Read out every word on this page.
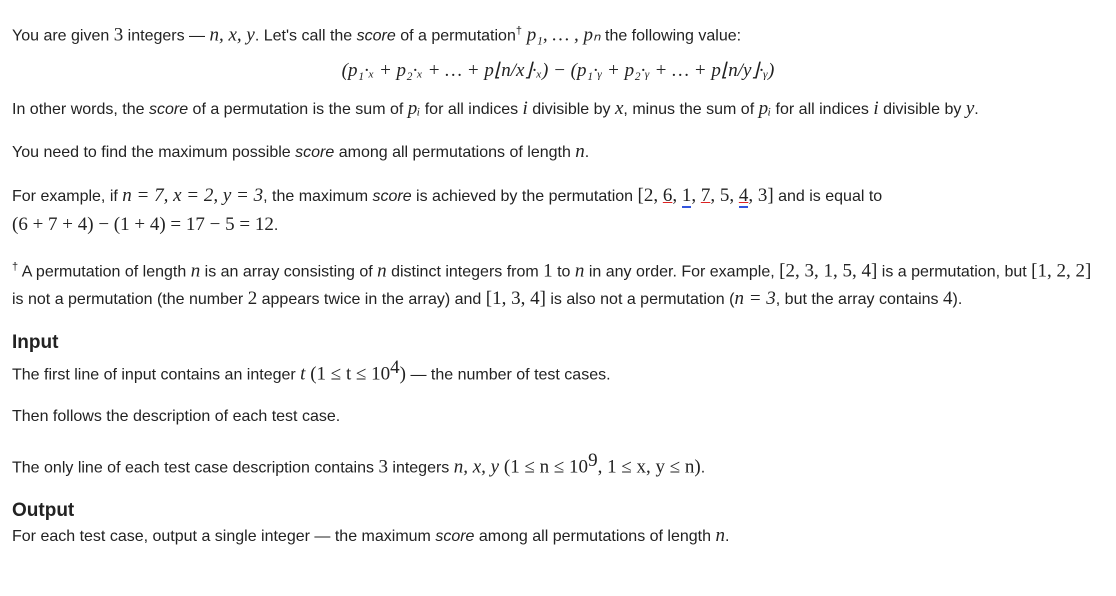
You are given 3 integers — n, x, y. Let's call the score of a permutation† p₁, … , pₙ the following value:

(p₁·ₓ + p₂·ₓ + … + p⌊n/x⌋·ₓ) − (p₁·ᵧ + p₂·ᵧ + … + p⌊n/y⌋·ᵧ)

In other words, the score of a permutation is the sum of pᵢ for all indices i divisible by x, minus the sum of pᵢ for all indices i divisible by y.

You need to find the maximum possible score among all permutations of length n.

For example, if n = 7, x = 2, y = 3, the maximum score is achieved by the permutation [2, 6, 1, 7, 5, 4, 3] and is equal to
(6 + 7 + 4) − (1 + 4) = 17 − 5 = 12.

† A permutation of length n is an array consisting of n distinct integers from 1 to n in any order. For example, [2, 3, 1, 5, 4] is a permutation, but [1, 2, 2] is not a permutation (the number 2 appears twice in the array) and [1, 3, 4] is also not a permutation (n = 3, but the array contains 4).

Input

The first line of input contains an integer t $(1 \le t \le 10^4)$ — the number of test cases.

Then follows the description of each test case.

The only line of each test case description contains 3 integers n, x, y ($1 \le n \le 10^9$, 1 ≤ x, y ≤ n).

Output

For each test case, output a single integer — the maximum score among all permutations of length n.
